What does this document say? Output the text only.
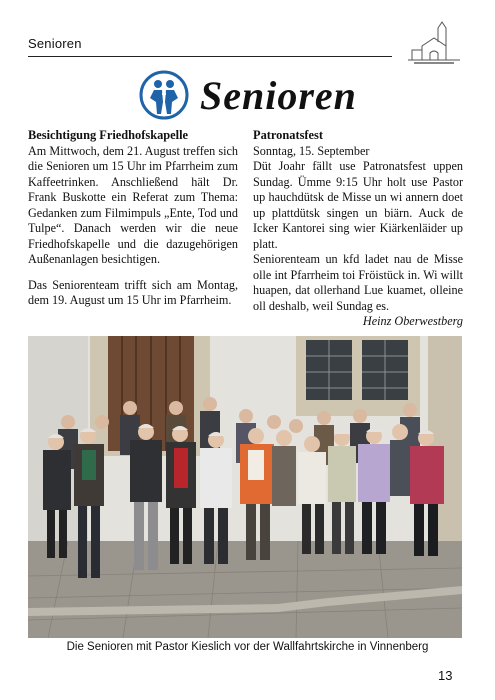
Senioren
Senioren
Besichtigung Friedhofskapelle

Am Mittwoch, dem 21. August treffen sich die Senioren um 15 Uhr im Pfarrheim zum Kaffeetrinken. Anschließend hält Dr. Frank Buskotte ein Referat zum Thema: Gedanken zum Filmimpuls „Ente, Tod und Tulpe“. Danach werden wir die neue Friedhofskapelle und die dazugehörigen Außenanlagen besichtigen.

Das Seniorenteam trifft sich am Montag, dem 19. August um 15 Uhr im Pfarrheim.

Patronatsfest

Sonntag, 15. September

Düt Joahr fällt use Patronatsfest uppen Sundag. Ümme 9:15 Uhr holt use Pastor up hauchdütsk de Misse un wi annern doet up plattdütsk singen un biärn. Auck de Icker Kantorei sing wier Kiärkenläider up platt.

Seniorenteam un kfd ladet nau de Misse olle int Pfarrheim toi Fröistück in. Wi willt huapen, dat ollerhand Lue kuamet, olleine oll deshalb, weil Sundag es.

Heinz Oberwestberg

Die Senioren mit Pastor Kieslich vor der Wallfahrtskirche in Vinnenberg
13
